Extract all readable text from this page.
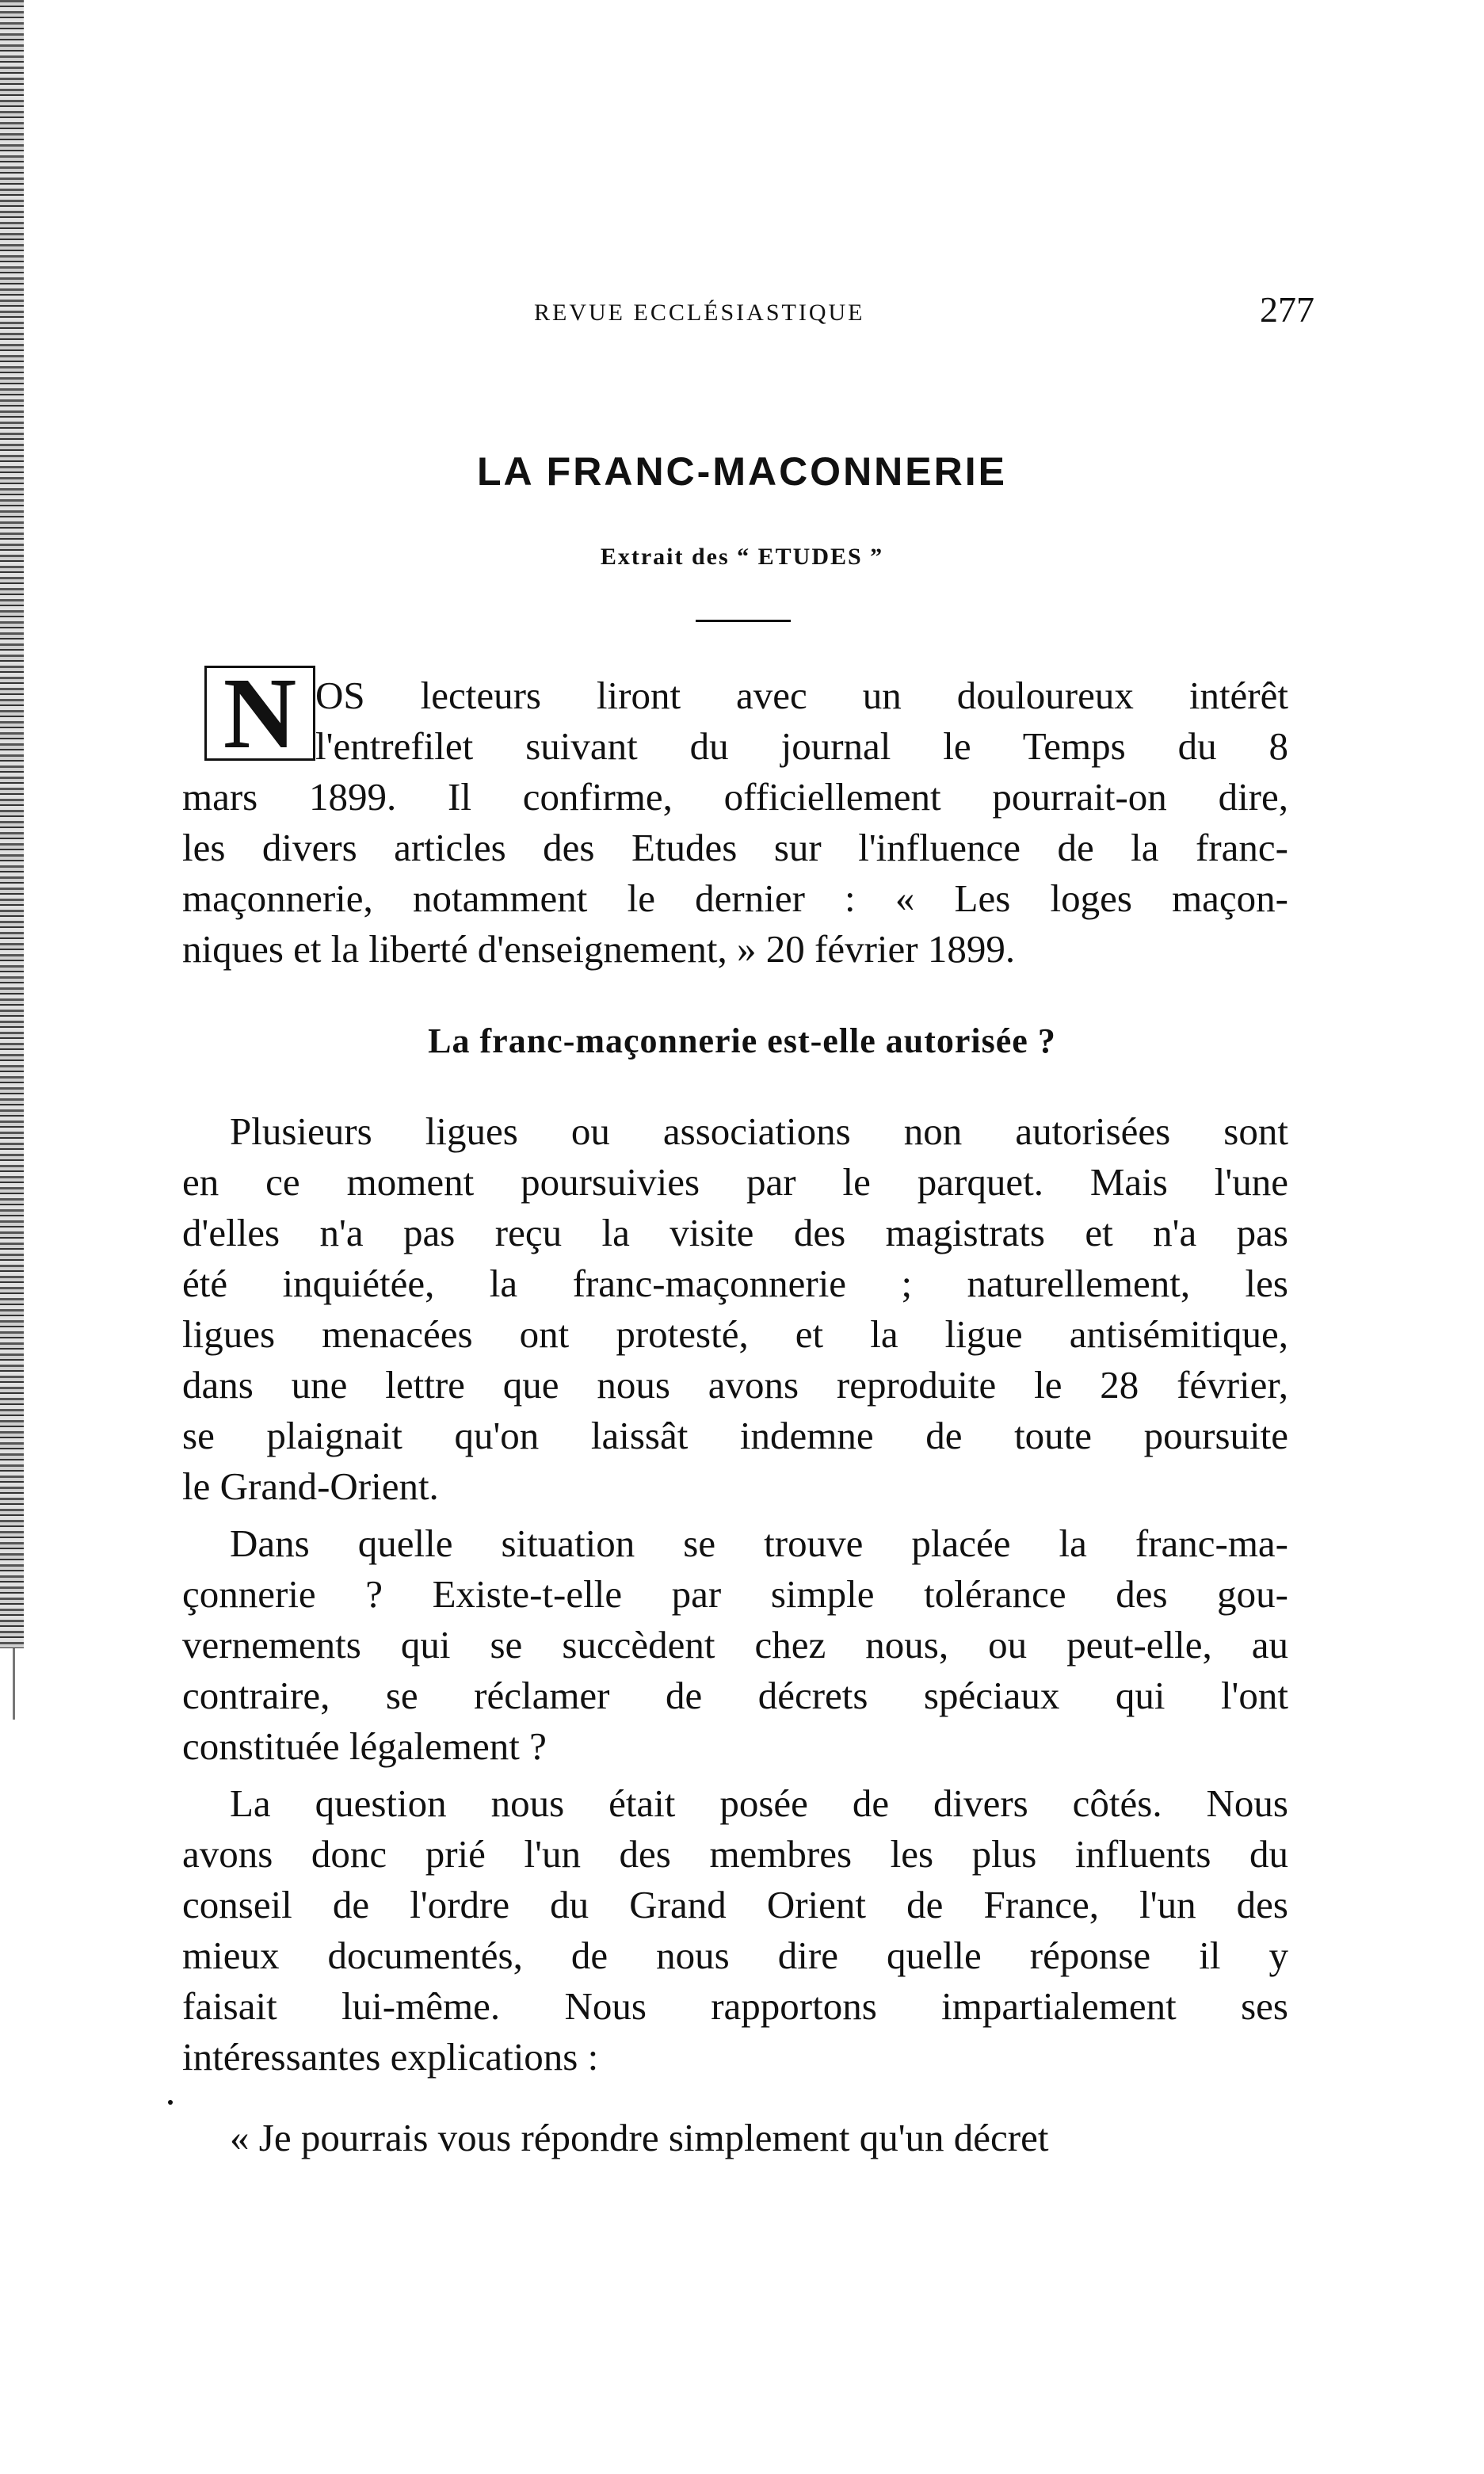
REVUE ECCLÉSIASTIQUE	277
LA FRANC-MACONNERIE
Extrait des “ ETUDES ”
N OS lecteurs liront avec un douloureux intérêt
l'entrefilet suivant du journal le Temps du 8
mars 1899. Il confirme, officiellement pourrait-on dire,
les divers articles des Etudes sur l'influence de la franc-
maçonnerie, notamment le dernier : « Les loges maçon-
niques et la liberté d'enseignement, » 20 février 1899.
La franc-maçonnerie est-elle autorisée ?
Plusieurs ligues ou associations non autorisées sont
en ce moment poursuivies par le parquet. Mais l'une
d'elles n'a pas reçu la visite des magistrats et n'a pas
été inquiétée, la franc-maçonnerie ; naturellement, les
ligues menacées ont protesté, et la ligue antisémitique,
dans une lettre que nous avons reproduite le 28 février,
se plaignait qu'on laissât indemne de toute poursuite
le Grand-Orient.
Dans quelle situation se trouve placée la franc-ma-
çonnerie ? Existe-t-elle par simple tolérance des gou-
vernements qui se succèdent chez nous, ou peut-elle, au
contraire, se réclamer de décrets spéciaux qui l'ont
constituée légalement ?
La question nous était posée de divers côtés. Nous
avons donc prié l'un des membres les plus influents du
conseil de l'ordre du Grand Orient de France, l'un des
mieux documentés, de nous dire quelle réponse il y
faisait lui-même. Nous rapportons impartialement ses
intéressantes explications :
« Je pourrais vous répondre simplement qu'un décret
